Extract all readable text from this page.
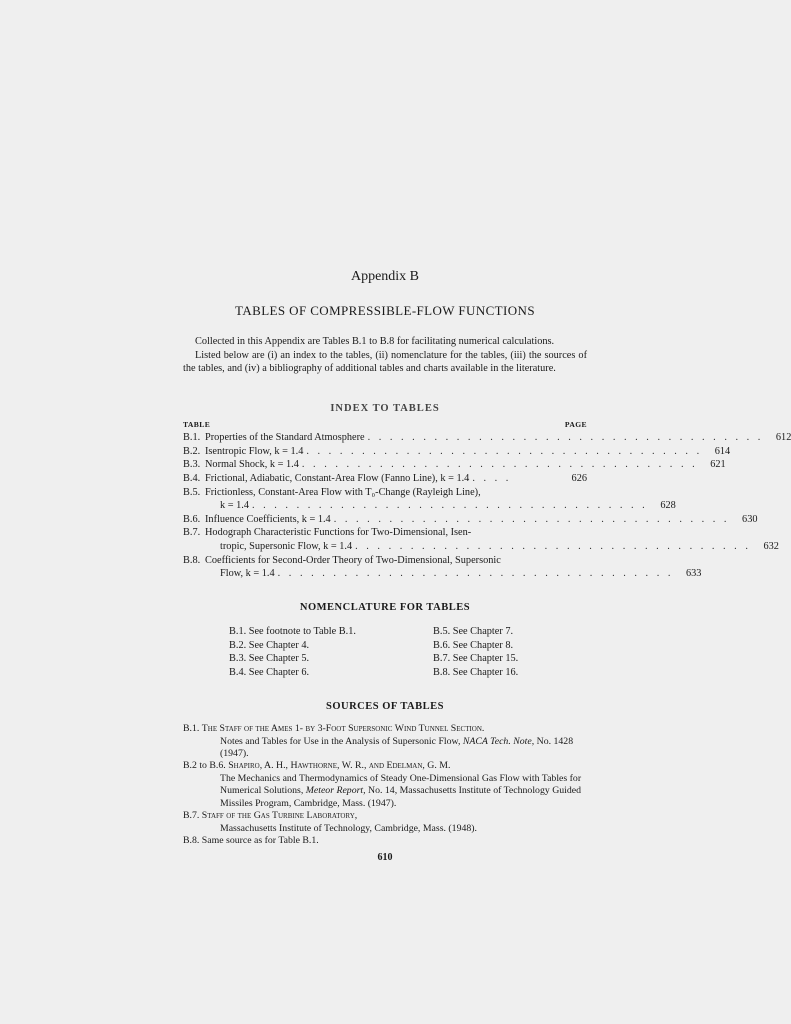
Appendix B
TABLES OF COMPRESSIBLE-FLOW FUNCTIONS

Collected in this Appendix are Tables B.1 to B.8 for facilitating numerical calculations.

Listed below are (i) an index to the tables, (ii) nomenclature for the tables, (iii) the sources of the tables, and (iv) a bibliography of additional tables and charts available in the literature.

INDEX TO TABLES
TABLE	PAGE
B.1. Properties of the Standard Atmosphere . . . . . . . . . . . . . . . . . . . . . . . . . . . . . . . . . . . .	612
B.2. Isentropic Flow, k = 1.4 . . . . . . . . . . . . . . . . . . . . . . . . . . . . . . . . . . . .	614
B.3. Normal Shock, k = 1.4 . . . . . . . . . . . . . . . . . . . . . . . . . . . . . . . . . . . .	621
B.4. Frictional, Adiabatic, Constant-Area Flow (Fanno Line), k = 1.4 . . . .	626
B.5. Frictionless, Constant-Area Flow with T₀-Change (Rayleigh Line),
k = 1.4 . . . . . . . . . . . . . . . . . . . . . . . . . . . . . . . . . . . .	628
B.6. Influence Coefficients, k = 1.4 . . . . . . . . . . . . . . . . . . . . . . . . . . . . . . . . . . . .	630
B.7. Hodograph Characteristic Functions for Two-Dimensional, Isen-
tropic, Supersonic Flow, k = 1.4 . . . . . . . . . . . . . . . . . . . . . . . . . . . . . . . . . . . .	632
B.8. Coefficients for Second-Order Theory of Two-Dimensional, Supersonic
Flow, k = 1.4 . . . . . . . . . . . . . . . . . . . . . . . . . . . . . . . . . . . .	633
NOMENCLATURE FOR TABLES
B.1. See footnote to Table B.1.	B.5. See Chapter 7.
B.2. See Chapter 4.	B.6. See Chapter 8.
B.3. See Chapter 5.	B.7. See Chapter 15.
B.4. See Chapter 6.	B.8. See Chapter 16.
SOURCES OF TABLES
B.1. The Staff of the Ames 1- by 3-Foot Supersonic Wind Tunnel Section.
Notes and Tables for Use in the Analysis of Supersonic Flow, NACA Tech. Note, No. 1428 (1947).
B.2 to B.6. Shapiro, A. H., Hawthorne, W. R., and Edelman, G. M.
The Mechanics and Thermodynamics of Steady One-Dimensional Gas Flow with Tables for Numerical Solutions, Meteor Report, No. 14, Massachusetts Institute of Technology Guided Missiles Program, Cambridge, Mass. (1947).
B.7. Staff of the Gas Turbine Laboratory,
Massachusetts Institute of Technology, Cambridge, Mass. (1948).
B.8. Same source as for Table B.1.
610
